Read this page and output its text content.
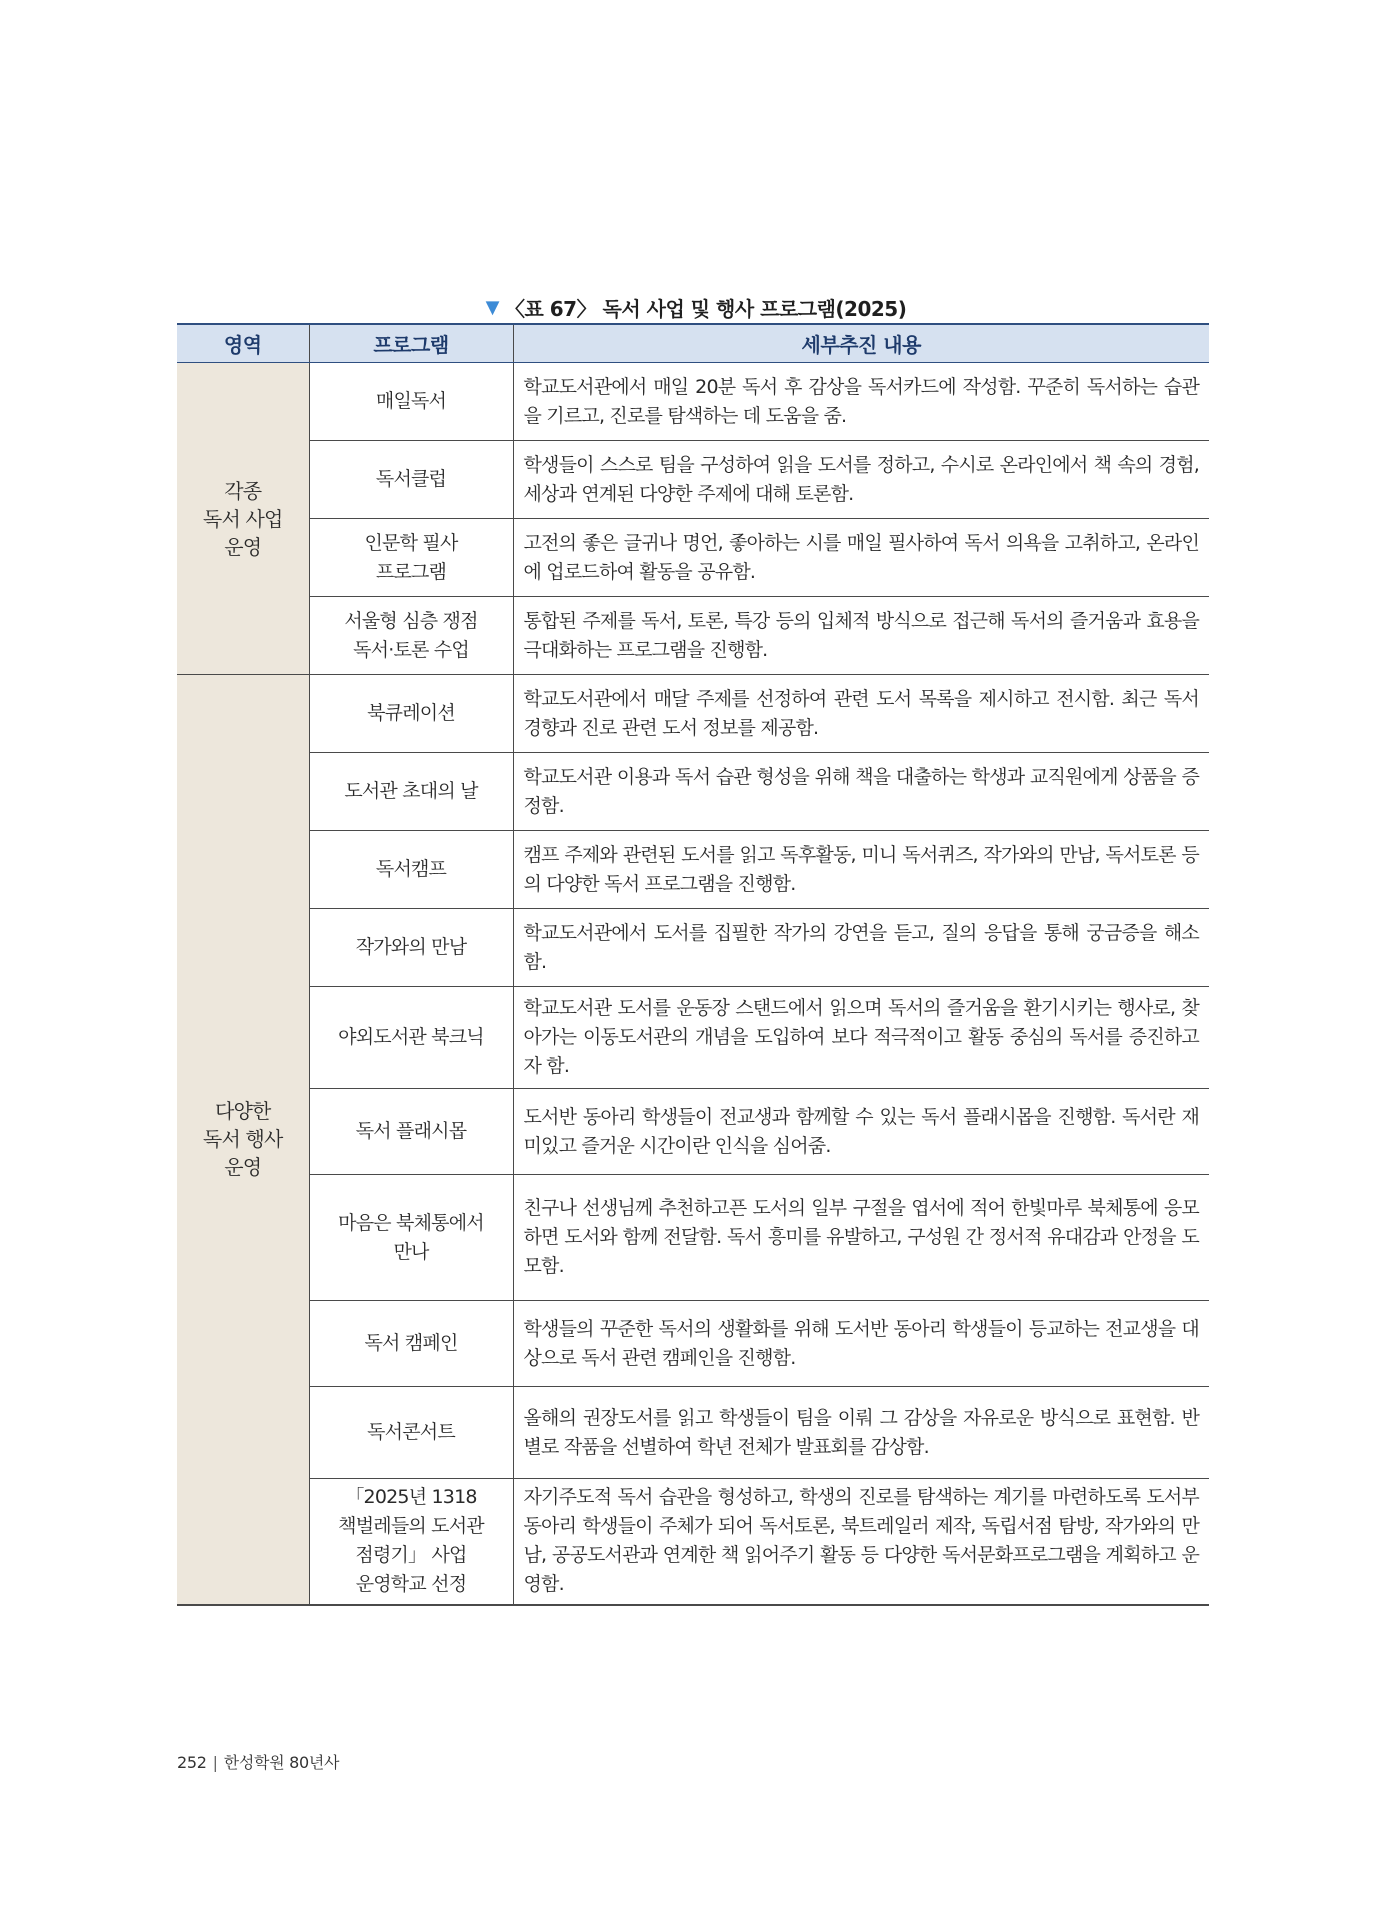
▼ 〈표 67〉 독서 사업 및 행사 프로그램(2025)
영역	프로그램	세부추진 내용

각종
독서 사업
운영	매일독서	학교도서관에서 매일 20분 독서 후 감상을 독서카드에 작성함. 꾸준히 독서하는 습관을 기르고, 진로를 탐색하는 데 도움을 줌.

	독서클럽	학생들이 스스로 팀을 구성하여 읽을 도서를 정하고, 수시로 온라인에서 책 속의 경험, 세상과 연계된 다양한 주제에 대해 토론함.

	인문학 필사
프로그램	고전의 좋은 글귀나 명언, 좋아하는 시를 매일 필사하여 독서 의욕을 고취하고, 온라인에 업로드하여 활동을 공유함.

	서울형 심층 쟁점
독서·토론 수업	통합된 주제를 독서, 토론, 특강 등의 입체적 방식으로 접근해 독서의 즐거움과 효용을 극대화하는 프로그램을 진행함.

다양한
독서 행사
운영	북큐레이션	학교도서관에서 매달 주제를 선정하여 관련 도서 목록을 제시하고 전시함. 최근 독서 경향과 진로 관련 도서 정보를 제공함.

	도서관 초대의 날	학교도서관 이용과 독서 습관 형성을 위해 책을 대출하는 학생과 교직원에게 상품을 증정함.

	독서캠프	캠프 주제와 관련된 도서를 읽고 독후활동, 미니 독서퀴즈, 작가와의 만남, 독서토론 등의 다양한 독서 프로그램을 진행함.

	작가와의 만남	학교도서관에서 도서를 집필한 작가의 강연을 듣고, 질의 응답을 통해 궁금증을 해소함.

	야외도서관 북크닉	학교도서관 도서를 운동장 스탠드에서 읽으며 독서의 즐거움을 환기시키는 행사로, 찾아가는 이동도서관의 개념을 도입하여 보다 적극적이고 활동 중심의 독서를 증진하고자 함.

	독서 플래시몹	도서반 동아리 학생들이 전교생과 함께할 수 있는 독서 플래시몹을 진행함. 독서란 재미있고 즐거운 시간이란 인식을 심어줌.

	마음은 북체통에서
만나	친구나 선생님께 추천하고픈 도서의 일부 구절을 엽서에 적어 한빛마루 북체통에 응모하면 도서와 함께 전달함. 독서 흥미를 유발하고, 구성원 간 정서적 유대감과 안정을 도모함.

	독서 캠페인	학생들의 꾸준한 독서의 생활화를 위해 도서반 동아리 학생들이 등교하는 전교생을 대상으로 독서 관련 캠페인을 진행함.

	독서콘서트	올해의 권장도서를 읽고 학생들이 팀을 이뤄 그 감상을 자유로운 방식으로 표현함. 반별로 작품을 선별하여 학년 전체가 발표회를 감상함.

	「2025년 1318
책벌레들의 도서관
점령기」 사업
운영학교 선정	자기주도적 독서 습관을 형성하고, 학생의 진로를 탐색하는 계기를 마련하도록 도서부 동아리 학생들이 주체가 되어 독서토론, 북트레일러 제작, 독립서점 탐방, 작가와의 만남, 공공도서관과 연계한 책 읽어주기 활동 등 다양한 독서문화프로그램을 계획하고 운영함.
252 | 한성학원 80년사
